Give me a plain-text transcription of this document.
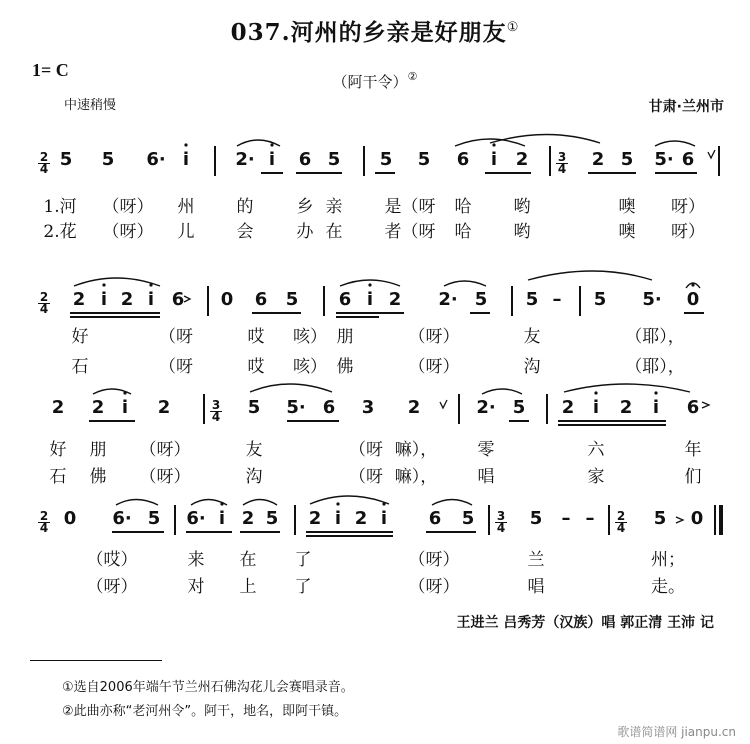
037.河州的乡亲是好朋友①
1= C
（阿干令）②
中速稍慢	甘肃·兰州市
2
4 5 5 6· i	2· i 6 5 5 5 6 i 2 3
4 2 5 5· 6
1.河 （呀） 州 的	乡 亲 是（呀 哈 哟	噢 呀）
2.花 （呀） 儿 会	办 在 者（呀 哈 哟	噢 呀）
2
4 2 i 2 i 6 0 6 5 6 i 2 2· 5 5 – 5 5· 0
好	（呀	哎 咳） 朋	（呀）	友	（耶），
石	（呀	哎 咳） 佛	（呀）	沟	（耶），
2 2 i 2	3
4 5 5· 6 3 2	2· 5 2 i 2 i 6
好 朋 （呀）	友	（呀 嘛）， 零	六	年
石 佛 （呀）	沟	（呀 嘛）， 唱	家	们
2
4 0 6· 5 6· i 2 5 2 i 2 i 6 5 3
4 5 – – 2
4 5 0
（哎）	来 在 了	（呀）	兰	州；
（呀）	对 上 了	（呀）	唱	走。
王进兰 吕秀芳（汉族）唱 郭正清 王沛 记
①选自2006年端午节兰州石佛沟花儿会赛唱录音。
②此曲亦称“老河州令”。阿干，地名，即阿干镇。
歌谱简谱网 jianpu.cn
